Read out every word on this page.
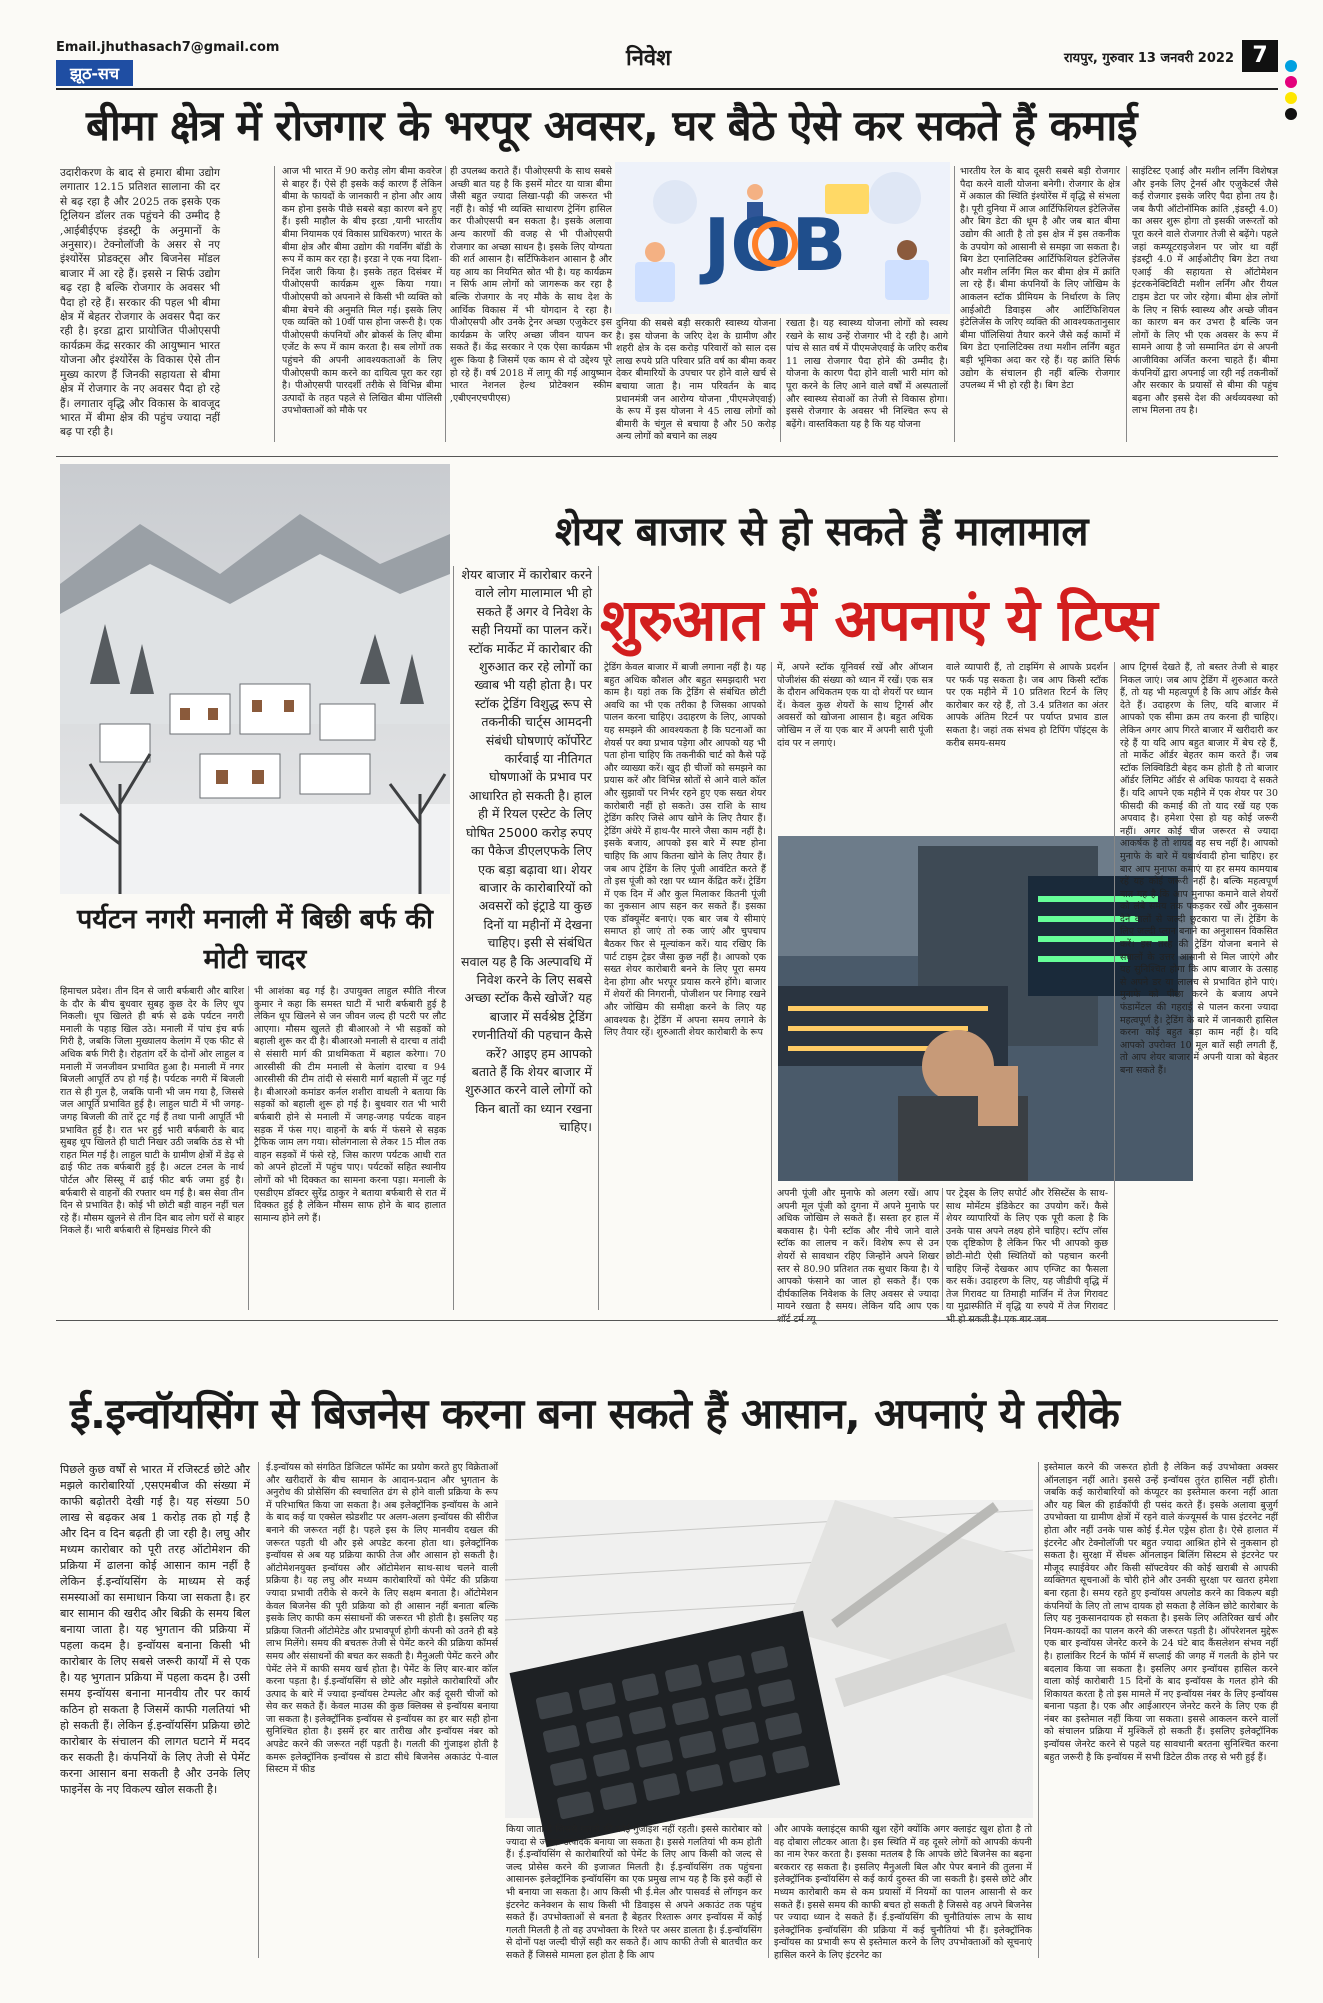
Email.jhuthasach7@gmail.com
झूठ-सच
निवेश	रायपुर, गुरुवार 13 जनवरी 2022 7
बीमा क्षेत्र में रोजगार के भरपूर अवसर, घर बैठे ऐसे कर सकते हैं कमाई
उदारीकरण के बाद से हमारा बीमा उद्योग लगातार 12.15 प्रतिशत सालाना की दर से बढ़ रहा है और 2025 तक इसके एक ट्रिलियन डॉलर तक पहुंचने की उम्मीद है ,आईबीईएफ इंडस्ट्री के अनुमानों के अनुसार)। टेक्नोलॉजी के असर से नए इंश्योरेंस प्रोडक्ट्स और बिजनेस मॉडल बाजार में आ रहे हैं। इससे न सिर्फ उद्योग बढ़ रहा है बल्कि रोजगार के अवसर भी पैदा हो रहे हैं। सरकार की पहल भी बीमा क्षेत्र में बेहतर रोजगार के अवसर पैदा कर रही है। इरडा द्वारा प्रायोजित पीओएसपी कार्यक्रम केंद्र सरकार की आयुष्मान भारत योजना और इंश्योरेंस के विकास ऐसे तीन मुख्य कारण हैं जिनकी सहायता से बीमा क्षेत्र में रोजगार के नए अवसर पैदा हो रहे हैं। लगातार वृद्धि और विकास के बावजूद भारत में बीमा क्षेत्र की पहुंच ज्यादा नहीं बढ़ पा रही है।
आज भी भारत में 90 करोड़ लोग बीमा कवरेज से बाहर हैं। ऐसे ही इसके कई कारण हैं लेकिन बीमा के फायदों के जानकारी न होना और आय कम होना इसके पीछे सबसे बड़ा कारण बने हुए हैं। इसी माहौल के बीच इरडा ,यानी भारतीय बीमा नियामक एवं विकास प्राधिकरण) भारत के बीमा क्षेत्र और बीमा उद्योग की गवर्निंग बॉडी के रूप में काम कर रहा है। इरडा ने एक नया दिशा-निर्देश जारी किया है। इसके तहत दिसंबर में पीओएसपी कार्यक्रम शुरू किया गया। पीओएसपी को अपनाने से किसी भी व्यक्ति को बीमा बेचने की अनुमति मिल गई। इसके लिए एक व्यक्ति को 10वीं पास होना जरूरी है। एक पीओएसपी कंपनियों और ब्रोकर्स के लिए बीमा एजेंट के रूप में काम करता है। सब लोगों तक पहुंचने की अपनी आवश्यकताओं के लिए पीओएसपी काम करने का दायित्व पूरा कर रहा है। पीओएसपी पारदर्शी तरीके से विभिन्न बीमा उत्पादों के तहत पहले से लिखित बीमा पॉलिसी उपभोक्ताओं को मौके पर
ही उपलब्ध कराते हैं। पीओएसपी के साथ सबसे अच्छी बात यह है कि इसमें मोटर या यात्रा बीमा जैसी बहुत ज्यादा लिखा-पढ़ी की जरूरत भी नहीं है। कोई भी व्यक्ति साधारण ट्रेनिंग हासिल कर पीओएसपी बन सकता है। इसके अलावा अन्य कारणों की वजह से भी पीओएसपी रोजगार का अच्छा साधन है। इसके लिए योग्यता की शर्त आसान है। सर्टिफिकेशन आसान है और यह आय का नियमित स्रोत भी है। यह कार्यक्रम न सिर्फ आम लोगों को जागरूक कर रहा है बल्कि रोजगार के नए मौके के साथ देश के आर्थिक विकास में भी योगदान दे रहा है। पीओएसपी और उनके ट्रेनर अच्छा एजुकेटर इस कार्यक्रम के जरिए अच्छा जीवन यापन कर सकते हैं। केंद्र सरकार ने एक ऐसा कार्यक्रम भी शुरू किया है जिसमें एक काम से दो उद्देश्य पूरे हो रहे हैं। वर्ष 2018 में लागू की गई आयुष्मान भारत नेशनल हेल्थ प्रोटेक्शन स्कीम ,एबीएनएचपीएस)
JOB
दुनिया की सबसे बड़ी सरकारी स्वास्थ्य योजना है। इस योजना के जरिए देश के ग्रामीण और शहरी क्षेत्र के दस करोड़ परिवारों को साल दस लाख रुपये प्रति परिवार प्रति वर्ष का बीमा कवर देकर बीमारियों के उपचार पर होने वाले खर्च से बचाया जाता है। नाम परिवर्तन के बाद प्रधानमंत्री जन आरोग्य योजना ,पीएमजेएवाई) के रूप में इस योजना ने 45 लाख लोगों को बीमारी के चंगुल से बचाया है और 50 करोड़ अन्य लोगों को बचाने का लक्ष्य
रखता है। यह स्वास्थ्य योजना लोगों को स्वस्थ रखने के साथ उन्हें रोजगार भी दे रही है। आगे पांच से सात वर्ष में पीएमजेएवाई के जरिए करीब 11 लाख रोजगार पैदा होने की उम्मीद है। योजना के कारण पैदा होने वाली भारी मांग को पूरा करने के लिए आने वाले वर्षों में अस्पतालों और स्वास्थ्य सेवाओं का तेजी से विकास होगा। इससे रोजगार के अवसर भी निश्चित रूप से बढ़ेंगे। वास्तविकता यह है कि यह योजना
भारतीय रेल के बाद दूसरी सबसे बड़ी रोजगार पैदा करने वाली योजना बनेगी। रोजगार के क्षेत्र में अकाल की स्थिति इंश्योरेंस में वृद्धि से संभला है। पूरी दुनिया में आज आर्टिफिशियल इंटेलिजेंस और बिग डेटा की धूम है और जब बात बीमा उद्योग की आती है तो इस क्षेत्र में इस तकनीक के उपयोग को आसानी से समझा जा सकता है। बिग डेटा एनालिटिक्स आर्टिफिशियल इंटेलिजेंस और मशीन लर्निंग मिल कर बीमा क्षेत्र में क्रांति ला रहे हैं। बीमा कंपनियों के लिए जोखिम के आकलन स्टॉक प्रीमियम के निर्धारण के लिए आईओटी डिवाइस और आर्टिफिशियल इंटेलिजेंस के जरिए व्यक्ति की आवश्यकतानुसार बीमा पॉलिसियां तैयार करने जैसे कई कामों में बिग डेटा एनालिटिक्स तथा मशीन लर्निंग बहुत बड़ी भूमिका अदा कर रहे हैं। यह क्रांति सिर्फ उद्योग के संचालन ही नहीं बल्कि रोजगार उपलब्ध में भी हो रही है। बिग डेटा
साइंटिस्ट एआई और मशीन लर्निंग विशेषज्ञ और इनके लिए ट्रेनर्स और एजुकेटर्स जैसे कई रोजगार इसके जरिए पैदा होना तय है। जब कैपी ऑटोनॉमिक क्रांति ,इंडस्ट्री 4.0) का असर शुरू होगा तो इसकी जरूरतों को पूरा करने वाले रोजगार तेजी से बढ़ेंगे। पहले जहां कम्प्यूटराइजेशन पर जोर था वहीं इंडस्ट्री 4.0 में आईओटीए बिग डेटा तथा एआई की सहायता से ऑटोमेशन इंटरकनेक्टिविटी मशीन लर्निंग और रीयल टाइम डेटा पर जोर रहेगा। बीमा क्षेत्र लोगों के लिए न सिर्फ स्वास्थ्य और अच्छे जीवन का कारण बन कर उभरा है बल्कि जन लोगों के लिए भी एक अवसर के रूप में सामने आया है जो सम्मानित ढंग से अपनी आजीविका अर्जित करना चाहते हैं। बीमा कंपनियों द्वारा अपनाई जा रही नई तकनीकों और सरकार के प्रयासों से बीमा की पहुंच बढ़ना और इससे देश की अर्थव्यवस्था को लाभ मिलना तय है।
पर्यटन नगरी मनाली में बिछी बर्फ की मोटी चादर
हिमाचल प्रदेश। तीन दिन से जारी बर्फबारी और बारिश के दौर के बीच बुधवार सुबह कुछ देर के लिए धूप निकली। धूप खिलते ही बर्फ से ढके पर्यटन नगरी मनाली के पहाड़ खिल उठे। मनाली में पांच इंच बर्फ गिरी है, जबकि जिला मुख्यालय केलांग में एक फीट से अधिक बर्फ गिरी है। रोहतांग दर्रे के दोनों ओर लाहुल व मनाली में जनजीवन प्रभावित हुआ है। मनाली में नगर बिजली आपूर्ति ठप हो गई है। पर्यटक नगरी में बिजली रात से ही गुल है, जबकि पानी भी जम गया है, जिससे जल आपूर्ति प्रभावित हुई है। लाहुल घाटी में भी जगह-जगह बिजली की तारें टूट गई हैं तथा पानी आपूर्ति भी प्रभावित हुई है। रात भर हुई भारी बर्फबारी के बाद सुबह धूप खिलते ही घाटी निखर उठी जबकि ठंड से भी राहत मिल गई है। लाहुल घाटी के ग्रामीण क्षेत्रों में डेढ़ से ढाई फीट तक बर्फबारी हुई है। अटल टनल के नार्थ पोर्टल और सिस्सू में ढाई फीट बर्फ जमा हुई है। बर्फबारी से वाहनों की रफ्तार थम गई है। बस सेवा तीन दिन से प्रभावित है। कोई भी छोटी बड़ी वाहन नहीं चल रहे हैं। मौसम खुलने से तीन दिन बाद लोग घरों से बाहर निकले हैं। भारी बर्फबारी से हिमखंड गिरने की
भी आशंका बढ़ गई है। उपायुक्त लाहुल स्पीति नीरज कुमार ने कहा कि समस्त घाटी में भारी बर्फबारी हुई है लेकिन धूप खिलने से जन जीवन जल्द ही पटरी पर लौट आएगा। मौसम खुलते ही बीआरओ ने भी सड़कों को बहाली शुरू कर दी है। बीआरओ मनाली से दारचा व तांदी से संसारी मार्ग की प्राथमिकता में बहाल करेगा। 70 आरसीसी की टीम मनाली से केलांग दारचा व 94 आरसीसी की टीम तांदी से संसारी मार्ग बहाली में जुट गई है। बीआरओ कमांडर कर्नल शशीरा वाधली ने बताया कि सड़कों को बहाली शुरू हो गई है। बुधवार रात भी भारी बर्फबारी होने से मनाली में जगह-जगह पर्यटक वाहन सड़क में फंस गए। वाहनों के बर्फ में फंसने से सड़क ट्रैफिक जाम लग गया। सोलंगनाला से लेकर 15 मील तक वाहन सड़कों में फंसे रहे, जिस कारण पर्यटक आधी रात को अपने होटलों में पहुंच पाए। पर्यटकों सहित स्थानीय लोगों को भी दिक्कत का सामना करना पड़ा। मनाली के एसडीएम डॉक्टर सुरेंद्र ठाकुर ने बताया बर्फबारी से रात में दिक्कत हुई है लेकिन मौसम साफ होने के बाद हालात सामान्य होने लगे हैं।
शेयर बाजार से हो सकते हैं मालामाल
शेयर बाजार में कारोबार करने वाले लोग मालामाल भी हो सकते हैं अगर वे निवेश के सही नियमों का पालन करें। स्टॉक मार्केट में कारोबार की शुरुआत कर रहे लोगों का ख्वाब भी यही होता है। पर स्टॉक ट्रेडिंग विशुद्ध रूप से तकनीकी चार्ट्स आमदनी संबंधी घोषणाएं कॉर्पोरेट कार्रवाई या नीतिगत घोषणाओं के प्रभाव पर आधारित हो सकती है। हाल ही में रियल एस्टेट के लिए घोषित 25000 करोड़ रुपए का पैकेज डीएलएफके लिए एक बड़ा बढ़ावा था। शेयर बाजार के कारोबारियों को अवसरों को इंट्राडे या कुछ दिनों या महीनों में देखना चाहिए। इसी से संबंधित सवाल यह है कि अल्पावधि में निवेश करने के लिए सबसे अच्छा स्टॉक कैसे खोजें? यह बाजार में सर्वश्रेष्ठ ट्रेडिंग रणनीतियों की पहचान कैसे करें? आइए हम आपको बताते हैं कि शेयर बाजार में शुरुआत करने वाले लोगों को किन बातों का ध्यान रखना चाहिए।
शुरुआत में अपनाएं ये टिप्स
ट्रेडिंग केवल बाजार में बाजी लगाना नहीं है। यह बहुत अधिक कौशल और बहुत समझदारी भरा काम है। यहां तक कि ट्रेडिंग से संबंधित छोटी अवधि का भी एक तरीका है जिसका आपको पालन करना चाहिए। उदाहरण के लिए, आपको यह समझने की आवश्यकता है कि घटनाओं का शेयर्स पर क्या प्रभाव पड़ेगा और आपको यह भी पता होना चाहिए कि तकनीकी चार्ट को कैसे पढ़ें और व्याख्या करें। खुद ही चीजों को समझने का प्रयास करें और विभिन्न स्रोतों से आने वाले कॉल और सुझावों पर निर्भर रहने हुए एक सख्त शेयर कारोबारी नहीं हो सकते। उस राशि के साथ ट्रेडिंग करिए जिसे आप खोने के लिए तैयार हैं। ट्रेडिंग अंधेरे में हाथ-पैर मारने जैसा काम नहीं है। इसके बजाय, आपको इस बारे में स्पष्ट होना चाहिए कि आप कितना खोने के लिए तैयार हैं। जब आप ट्रेडिंग के लिए पूंजी आवंटित करते हैं तो इस पूंजी को रक्षा पर ध्यान केंद्रित करें। ट्रेडिंग में एक दिन में और कुल मिलाकर कितनी पूंजी का नुकसान आप सहन कर सकते हैं। इसका एक डॉक्यूमेंट बनाएं। एक बार जब ये सीमाएं समाप्त हो जाएं तो रुक जाएं और चुपचाप बैठकर फिर से मूल्यांकन करें। याद रखिए कि पार्ट टाइम ट्रेडर जैसा कुछ नहीं है। आपको एक सख्त शेयर कारोबारी बनने के लिए पूरा समय देना होगा और भरपूर प्रयास करने होंगे। बाजार में शेयरों की निगरानी, पोजीशन पर निगाह रखने और जोखिम की समीक्षा करने के लिए यह आवश्यक है। ट्रेडिंग में अपना समय लगाने के लिए तैयार रहें। शुरुआती शेयर कारोबारी के रूप
में, अपने स्टॉक यूनिवर्स रखें और ऑप्शन पोजीशंस की संख्या को ध्यान में रखें। एक सत्र के दौरान अधिकतम एक या दो शेयरों पर ध्यान दें। केवल कुछ शेयरों के साथ ट्रिगर्स और अवसरों को खोजना आसान है। बहुत अधिक जोखिम न लें या एक बार में अपनी सारी पूंजी दांव पर न लगाएं।
वाले व्यापारी हैं, तो टाइमिंग से आपके प्रदर्शन पर फर्क पड़ सकता है। जब आप किसी स्टॉक पर एक महीने में 10 प्रतिशत रिटर्न के लिए कारोबार कर रहे हैं, तो 3.4 प्रतिशत का अंतर आपके अंतिम रिटर्न पर पर्याप्त प्रभाव डाल सकता है। जहां तक संभव हो टिपिंग पॉइंट्स के करीब समय-समय
अपनी पूंजी और मुनाफे को अलग रखें। आप अपनी मूल पूंजी को दुगना में अपने मुनाफे पर अधिक जोखिम ले सकते हैं। सस्ता हर हाल में बकवास है। पेनी स्टॉक और नीचे जाने वाले स्टॉक का लालच न करें। विशेष रूप से उन शेयरों से सावधान रहिए जिन्होंने अपने शिखर स्तर से 80.90 प्रतिशत तक सुधार किया है। ये आपको फंसाने का जाल हो सकते हैं। एक दीर्घकालिक निवेशक के लिए अवसर से ज्यादा मायने रखता है समय। लेकिन यदि आप एक
पर ट्रेड्स के लिए सपोर्ट और रेसिस्टेंस के साथ-साथ मोमेंटम इंडिकेटर का उपयोग करें। कैसे शेयर व्यापारियों के लिए एक पूरी कला है कि उनके पास अपने लक्ष्य होने चाहिए। स्टॉप लॉस एक दृष्टिकोण है लेकिन फिर भी आपको कुछ छोटी-मोटी ऐसी स्थितियों को पहचान करनी चाहिए जिन्हें देखकर आप एग्जिट का फैसला कर सकें। उदाहरण के लिए, यह जीडीपी वृद्धि में तेज गिरावट या तिमाही मार्जिन में तेज गिरावट या मुद्रास्फीति में वृद्धि या रुपये में तेज गिरावट
आप ट्रिगर्स देखते हैं, तो बस्तर तेजी से बाहर निकल जाएं। जब आप ट्रेडिंग में शुरुआत करते हैं, तो यह भी महत्वपूर्ण है कि आप ऑर्डर कैसे देते हैं। उदाहरण के लिए, यदि बाजार में आपको एक सीमा क्रम तय करना ही चाहिए। लेकिन अगर आप गिरते बाजार में खरीदारी कर रहे हैं या यदि आप बहुत बाजार में बेच रहे हैं, तो मार्केट ऑर्डर बेहतर काम करते हैं। जब स्टॉक लिक्विडिटी बेहद कम होती है तो बाजार ऑर्डर लिमिट ऑर्डर से अधिक फायदा दे सकते हैं। यदि आपने एक महीने में एक शेयर पर 30 फीसदी की कमाई की तो याद रखें यह एक अपवाद है। हमेशा ऐसा हो यह कोई जरूरी नहीं। अगर कोई चीज जरूरत से ज्यादा आकर्षक है तो शायद वह सच नहीं है। आपको मुनाफे के बारे में यथार्थवादी होना चाहिए। हर बार आप मुनाफा कमाएं या हर समय कामयाब रहें यह कोई जरूरी नहीं है। बल्कि महत्वपूर्ण बात यह है कि आप मुनाफा कमाने वाले शेयरों को लंबे समय तक पकड़कर रखें और नुकसान देने वालों से जल्दी छुटकारा पा लें। ट्रेडिंग के लिए जल्दी प्लान बनाने का अनुशासन विकसित करें। इस तरह की ट्रेडिंग योजना बनाने से सवालों के उत्तर आसानी से मिल जाएंगे और यह सुनिश्चित होगा कि आप बाजार के उत्साह से अपने डर या लालच से प्रभावित होने पाएं। मुनाफे को पीछा करने के बजाय अपने फंडामेंटल की गहराई से पालन करना ज्यादा महत्वपूर्ण है। ट्रेडिंग के बारे में जानकारी हासिल करना कोई बहुत बड़ा काम नहीं है। यदि आपको उपरोक्त 10 मूल बातें सही लगती हैं, तो आप शेयर बाजार में अपनी यात्रा को बेहतर बना सकते हैं।
ई.इन्वॉयसिंग से बिजनेस करना बना सकते हैं आसान, अपनाएं ये तरीके
पिछले कुछ वर्षों से भारत में रजिस्टर्ड छोटे और मझले कारोबारियों ,एसएमबीज की संख्या में काफी बढ़ोतरी देखी गई है। यह संख्या 50 लाख से बढ़कर अब 1 करोड़ तक हो गई है और दिन व दिन बढ़ती ही जा रही है। लघु और मध्यम कारोबार को पूरी तरह ऑटोमेशन की प्रक्रिया में ढालना कोई आसान काम नहीं है लेकिन ई.इन्वॉयसिंग के माध्यम से कई समस्याओं का समाधान किया जा सकता है। हर बार सामान की खरीद और बिक्री के समय बिल बनाया जाता है। यह भुगतान की प्रक्रिया में पहला कदम है। इन्वॉयस बनाना किसी भी कारोबार के लिए सबसे जरूरी कार्यों में से एक है। यह भुगतान प्रक्रिया में पहला कदम है। उसी समय इन्वॉयस बनाना मानवीय तौर पर कार्य कठिन हो सकता है जिसमें काफी गलतियां भी हो सकती हैं। लेकिन ई.इन्वॉयसिंग प्रक्रिया छोटे कारोबार के संचालन की लागत घटाने में मदद कर सकती है। कंपनियों के लिए तेजी से पेमेंट करना आसान बना सकती है और उनके लिए फाइनेंस के नए विकल्प खोल सकती है।
ई.इन्वॉयस को संगठित डिजिटल फॉर्मेट का प्रयोग करते हुए विक्रेताओं और खरीदारों के बीच सामान के आदान-प्रदान और भुगतान के अनुरोध की प्रोसेसिंग की स्वचालित ढंग से होने वाली प्रक्रिया के रूप में परिभाषित किया जा सकता है। अब इलेक्ट्रॉनिक इन्वॉयस के आने के बाद कई या एक्सेल स्प्रेडशीट पर अलग-अलग इन्वॉयस की सीरीज बनाने की जरूरत नहीं है। पहले इस के लिए मानवीय दखल की जरूरत पड़ती थी और इसे अपडेट करना होता था। इलेक्ट्रॉनिक इन्वॉयस से अब यह प्रक्रिया काफी तेज और आसान हो सकती है। ऑटोमेशनयुक्त इन्वॉयस और ऑटोमेशन साथ-साथ चलने वाली प्रक्रिया है। यह लघु और मध्यम कारोबारियों को पेमेंट की प्रक्रिया ज्यादा प्रभावी तरीके से करने के लिए सक्षम बनाता है। ऑटोमेशन केवल बिजनेस की पूरी प्रक्रिया को ही आसान नहीं बनाता बल्कि इसके लिए काफी कम संसाधनों की जरूरत भी होती है। इसलिए यह प्रक्रिया जितनी ऑटोमेटेड और प्रभावपूर्ण होगी कंपनी को उतने ही बड़े लाभ मिलेंगे। समय की बचतरू तेजी से पेमेंट करने की प्रक्रिया कॉमर्स समय और संसाधनों की बचत कर सकती है। मैनुअली पेमेंट करने और पेमेंट लेने में काफी समय खर्च होता है। पेमेंट के लिए बार-बार कॉल करना पड़ता है। ई.इन्वॉयसिंग से छोटे और मझोले कारोबारियों और उत्पाद के बारे में ज्यादा इन्वॉयस टेम्पलेट और कई दूसरी चीजों को सेव कर सकते हैं। केवल माउस की कुछ क्लिक्स से इन्वॉयस बनाया जा सकता है। इलेक्ट्रॉनिक इन्वॉयस से इन्वॉयस का हर बार सही होना सुनिश्चित होता है। इसमें हर बार तारीख और इन्वॉयस नंबर को अपडेट करने की जरूरत नहीं पड़ती है। गलती की गुंजाइश होती है कमरू इलेक्ट्रॉनिक इन्वॉयस से डाटा सीधे बिजनेस अकाउंट पे-वाल सिस्टम में फीड
किया जाता है जिससे गलती की कोई गुंजाइश नहीं रहती। इससे कारोबार को ज्यादा से ज्यादा उत्पादक बनाया जा सकता है। इससे गलतियां भी कम होती हैं। ई.इन्वॉयसिंग से कारोबारियों को पेमेंट के लिए आप किसी को जल्द से जल्द प्रोसेस करने की इजाजत मिलती है। ई.इन्वॉयसिंग तक पहुंचना आसानरू इलेक्ट्रॉनिक इन्वॉयसिंग का एक प्रमुख लाभ यह है कि इसे कहीं से भी बनाया जा सकता है। आप किसी भी ई.मेल और पासवर्ड से लॉगइन कर इंटरनेट कनेक्शन के साथ किसी भी डिवाइस से अपने अकाउंट तक पहुंच सकते हैं। उपभोक्ताओं से बनता है बेहतर रिश्तारू अगर इन्वॉयस में कोई गलती मिलती है तो वह उपभोक्ता के रिश्ते पर असर डालता है। ई.इन्वॉयसिंग से दोनों पक्ष जल्दी चीज़ें सही कर सकते हैं। आप काफी तेजी से बातचीत कर सकते हैं जिससे मामला हल होता है कि आप
और आपके क्लाइंट्स काफी खुश रहेंगे क्योंकि अगर क्लाइंट खुश होता है तो वह दोबारा लौटकर आता है। इस स्थिति में वह दूसरे लोगों को आपकी कंपनी का नाम रेफर करता है। इसका मतलब है कि आपके छोटे बिजनेस का बढ़ना बरकरार रह सकता है। इसलिए मैनुअली बिल और पेपर बनाने की तुलना में इलेक्ट्रॉनिक इन्वॉयसिंग से कई कार्य दुरुस्त की जा सकती है। इससे छोटे और मध्यम कारोबारी कम से कम प्रयासों में नियमों का पालन आसानी से कर सकते हैं। इससे समय की काफी बचत हो सकती है जिससे वह अपने बिजनेस पर ज्यादा ध्यान दे सकते हैं। ई.इन्वॉयसिंग की चुनौतियांरू लाभ के साथ इलेक्ट्रॉनिक इन्वॉयसिंग की प्रक्रिया में कई चुनौतियां भी हैं। इलेक्ट्रॉनिक इन्वॉयस का प्रभावी रूप से इस्तेमाल करने के लिए उपभोक्ताओं को सूचनाएं हासिल करने के लिए इंटरनेट का
इस्तेमाल करने की जरूरत होती है लेकिन कई उपभोक्ता अक्सर ऑनलाइन नहीं आते। इससे उन्हें इन्वॉयस तुरंत हासिल नहीं होती। जबकि कई कारोबारियों को कंप्यूटर का इस्तेमाल करना नहीं आता और यह बिल की हार्डकॉपी ही पसंद करते हैं। इसके अलावा बुजुर्ग उपभोक्ता या ग्रामीण क्षेत्रों में रहने वाले कंज्यूमर्स के पास इंटरनेट नहीं होता और नहीं उनके पास कोई ई.मेल एड्रेस होता है। ऐसे हालात में इंटरनेट और टेक्नोलॉजी पर बहुत ज्यादा आश्रित होने से नुकसान हो सकता है। सुरक्षा में सेंधरू ऑनलाइन बिलिंग सिस्टम से इंटरनेट पर मौजूद स्पाईवेयर और किसी सॉफ्टवेयर की कोई खराबी से आपकी व्यक्तिगत सूचनाओं के चोरी होने और उनकी सुरक्षा पर खतरा हमेशा बना रहता है। समय रहते हुए इन्वॉयस अपलोड करने का विकल्प बड़ी कंपनियों के लिए तो लाभ दायक हो सकता है लेकिन छोटे कारोबार के लिए यह नुकसानदायक हो सकता है। इसके लिए अतिरिक्त खर्च और नियम-कायदों का पालन करने की जरूरत पड़ती है। ऑपरेशनल मुद्देरू एक बार इन्वॉयस जेनरेट करने के 24 घंटे बाद कैंसलेशन संभव नहीं है। हालांकिर रिटर्न के फॉर्म में सप्लाई की जगह में गलती के होने पर बदलाव किया जा सकता है। इसलिए अगर इन्वॉयस हासिल करने वाला कोई कारोबारी 15 दिनों के बाद इन्वॉयस के गलत होने की शिकायत करता है तो इस मामले में नए इन्वॉयस नंबर के लिए इन्वॉयस बनाना पड़ता है। एक और आईआरएन जेनरेट करने के लिए एक ही नंबर का इस्तेमाल नहीं किया जा सकता। इससे आकलन करने वालों को संचालन प्रक्रिया में मुश्किलें हो सकती हैं। इसलिए इलेक्ट्रॉनिक इन्वॉयस जेनरेट करने से पहले यह सावधानी बरतना सुनिश्चित करना बहुत जरूरी है कि इन्वॉयस में सभी डिटेल ठीक तरह से भरी हुई हैं।
